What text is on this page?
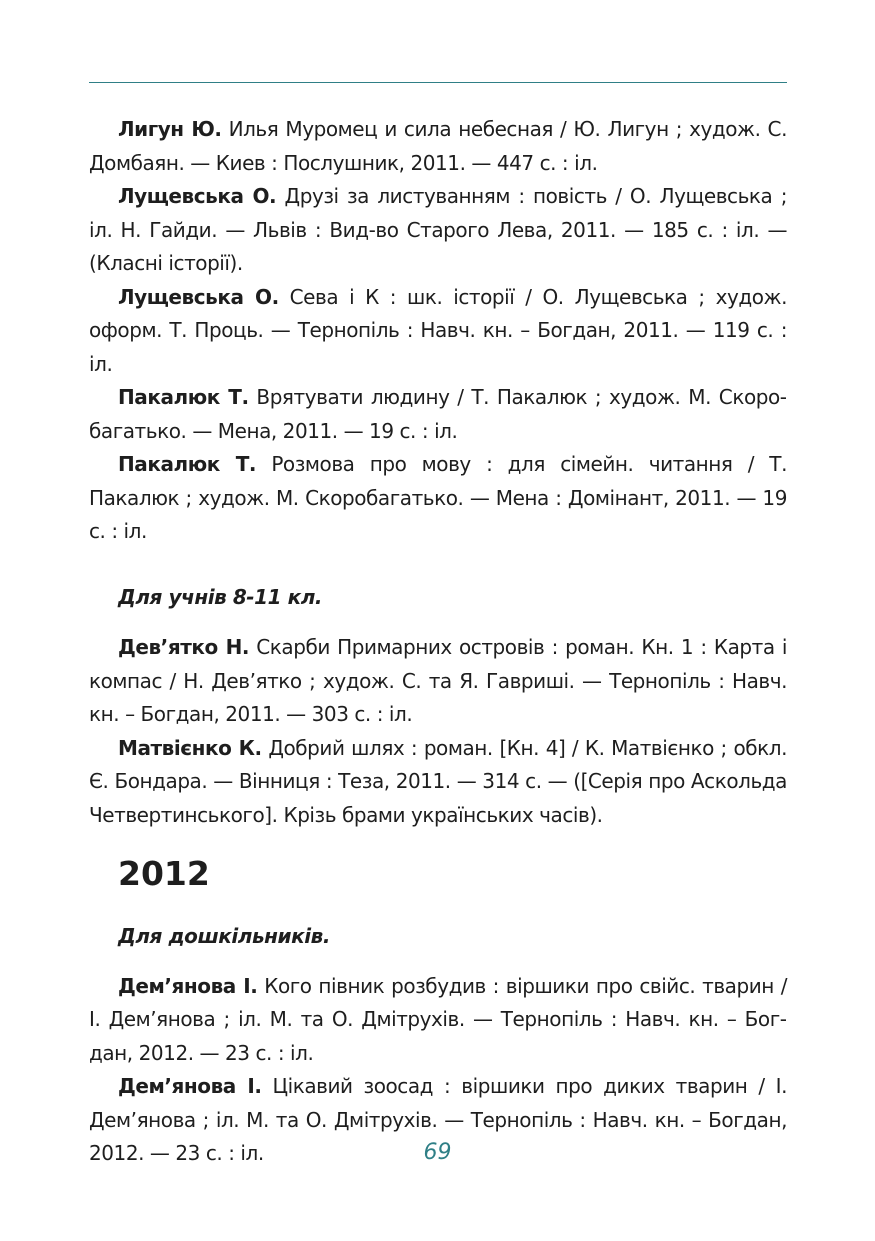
Лигун Ю. Илья Муромец и сила небесная / Ю. Лигун ; худож. С. Домбаян. — Киев : Послушник, 2011. — 447 с. : іл.

Лущевська О. Друзі за листуванням : повість / О. Лущевська ; іл. Н. Гайди. — Львів : Вид-во Старого Лева, 2011. — 185 с. : іл. — (Класні історії).

Лущевська О. Сева і К : шк. історії / О. Лущевська ; худож. оформ. Т. Проць. — Тернопіль : Навч. кн. – Богдан, 2011. — 119 с. : іл.

Пакалюк Т. Врятувати людину / Т. Пакалюк ; худож. М. Скоробагатько. — Мена, 2011. — 19 с. : іл.

Пакалюк Т. Розмова про мову : для сімейн. читання / Т. Пакалюк ; худож. М. Скоробагатько. — Мена : Домінант, 2011. — 19 с. : іл.

Для учнів 8-11 кл.

Дев’ятко Н. Скарби Примарних островів : роман. Кн. 1 : Карта і компас / Н. Дев’ятко ; худож. С. та Я. Гавриші. — Тернопіль : Навч. кн. – Богдан, 2011. — 303 с. : іл.

Матвієнко К. Добрий шлях : роман. [Кн. 4] / К. Матвієнко ; обкл. Є. Бондара. — Вінниця : Теза, 2011. — 314 с. — ([Серія про Аскольда Четвертинського]. Крізь брами українських часів).

2012

Для дошкільників.

Дем’янова І. Кого півник розбудив : віршики про свійс. тварин / І. Дем’янова ; іл. М. та О. Дмітрухів. — Тернопіль : Навч. кн. – Богдан, 2012. — 23 с. : іл.

Дем’янова І. Цікавий зоосад : віршики про диких тварин / І. Дем’янова ; іл. М. та О. Дмітрухів. — Тернопіль : Навч. кн. – Богдан, 2012. — 23 с. : іл.	69
